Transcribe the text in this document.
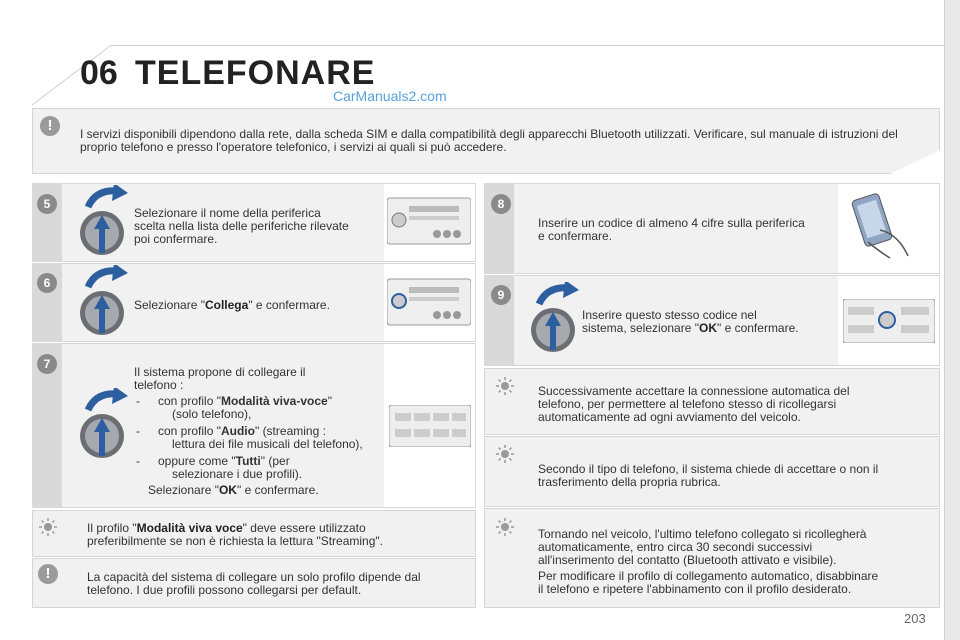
06 TELEFONARE
CarManuals2.com
!	I servizi disponibili dipendono dalla rete, dalla scheda SIM e dalla compatibilità degli apparecchi Bluetooth utilizzati. Verificare, sul manuale di istruzioni del proprio telefono e presso l'operatore telefonico, i servizi ai quali si può accedere.
5
Selezionare il nome della periferica
scelta nella lista delle periferiche rilevate
poi confermare.
6
Selezionare "Collega" e confermare.
7
Il sistema propone di collegare il
telefono :
- con profilo "Modalità viva-voce"
(solo telefono),
- con profilo "Audio" (streaming :
lettura dei file musicali del telefono),
- oppure come "Tutti" (per
selezionare i due profili).
Selezionare "OK" e confermare.
Il profilo "Modalità viva voce" deve essere utilizzato
preferibilmente se non è richiesta la lettura "Streaming".
!	La capacità del sistema di collegare un solo profilo dipende dal
telefono. I due profili possono collegarsi per default.
8
Inserire un codice di almeno 4 cifre sulla periferica
e confermare.
9
Inserire questo stesso codice nel
sistema, selezionare "OK" e confermare.
Successivamente accettare la connessione automatica del
telefono, per permettere al telefono stesso di ricollegarsi
automaticamente ad ogni avviamento del veicolo.
Secondo il tipo di telefono, il sistema chiede di accettare o non il
trasferimento della propria rubrica.
Tornando nel veicolo, l'ultimo telefono collegato si ricollegherà
automaticamente, entro circa 30 secondi successivi
all'inserimento del contatto (Bluetooth attivato e visibile).
Per modificare il profilo di collegamento automatico, disabbinare
il telefono e ripetere l'abbinamento con il profilo desiderato.
203
